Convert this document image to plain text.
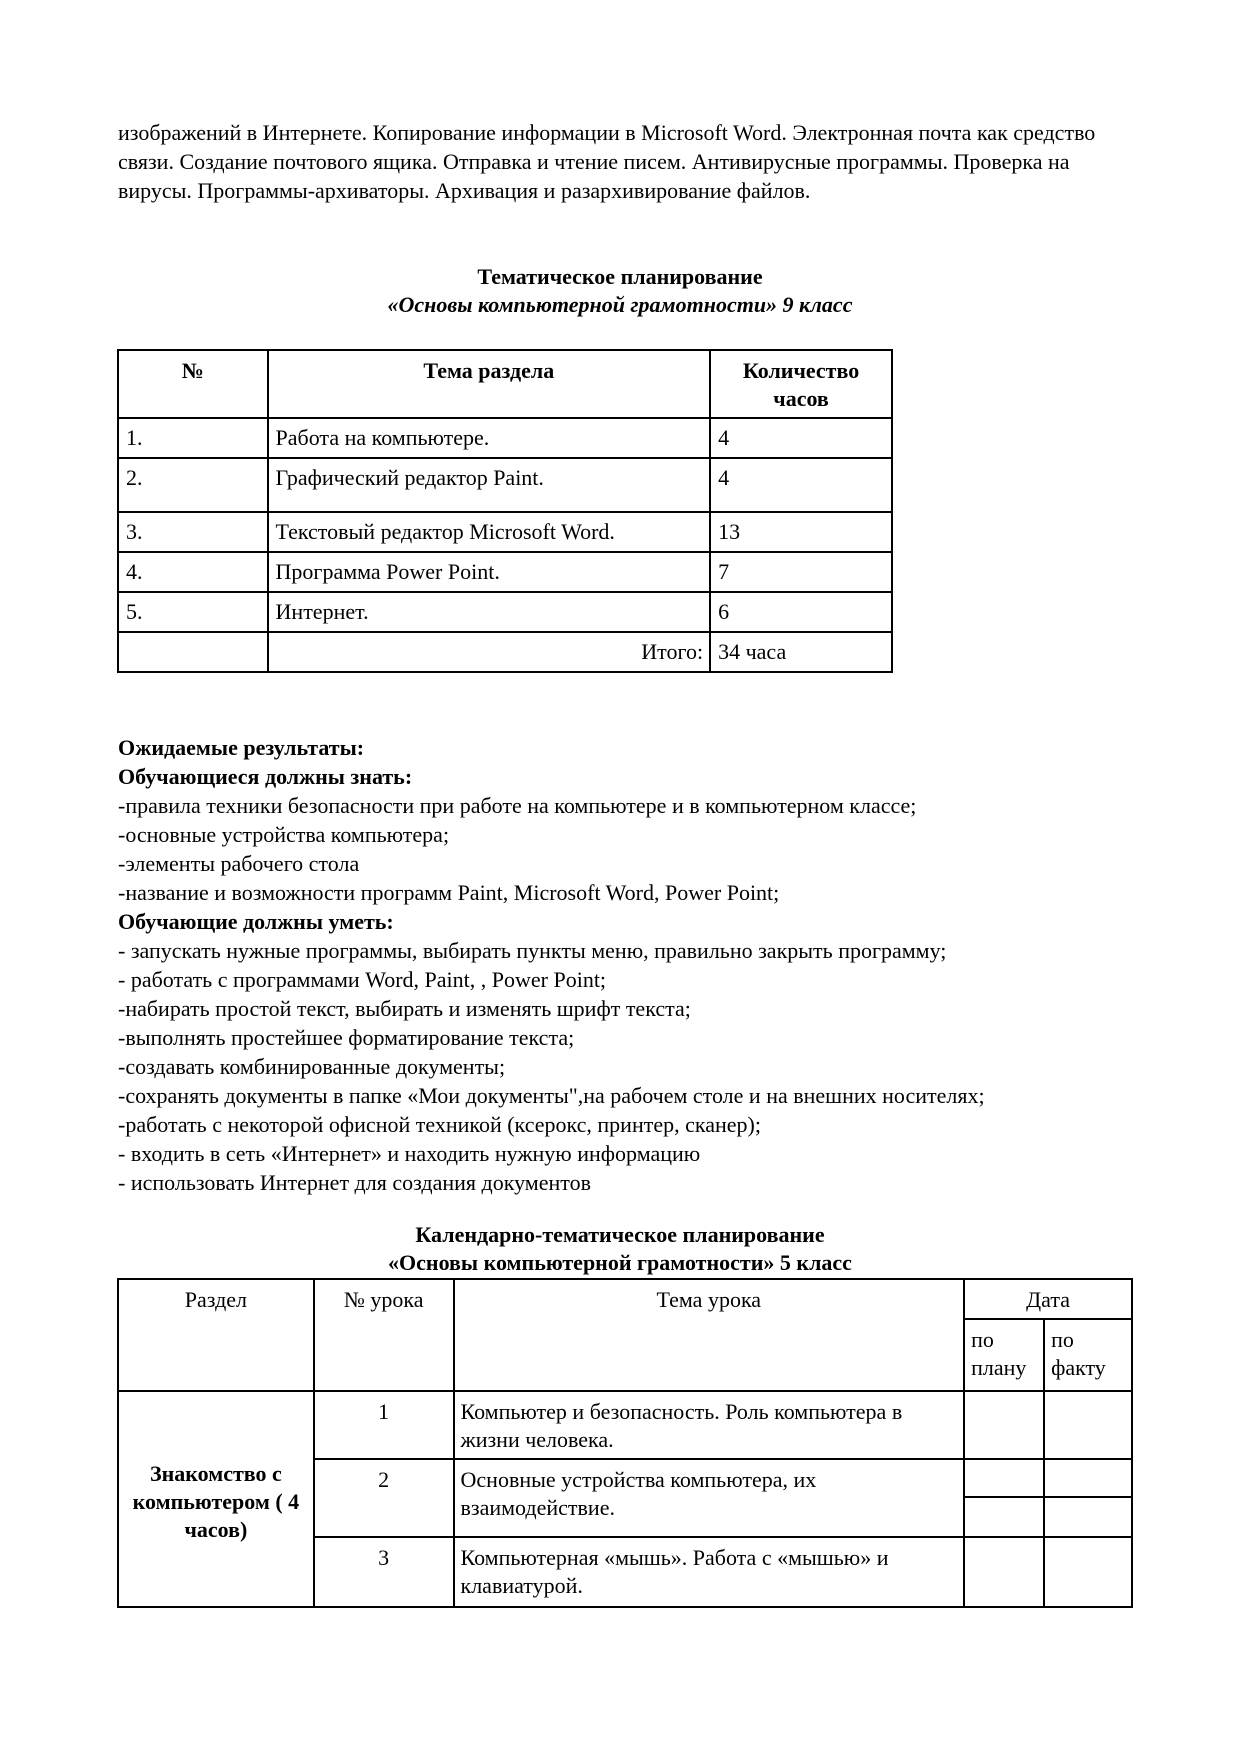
изображений в Интернете. Копирование информации в Microsoft Word. Электронная почта как средство связи. Создание почтового ящика. Отправка и чтение писем. Антивирусные программы. Проверка на вирусы. Программы-архиваторы. Архивация и разархивирование файлов.

Тематическое планирование
«Основы компьютерной грамотности» 9 класс
№	Тема раздела	Количество часов
1.	Работа на компьютере.	4
2.	Графический редактор Paint.	4
3.	Текстовый редактор Microsoft Word.	13
4.	Программа Power Point.	7
5.	Интернет.	6
	Итого:	34 часа

Ожидаемые результаты:

Обучающиеся должны знать:

-правила техники безопасности при работе на компьютере и в компьютерном классе;

-основные устройства компьютера;

-элементы рабочего стола

-название и возможности программ Paint, Microsoft Word, Power Point;

Обучающие должны уметь:

- запускать нужные программы, выбирать пункты меню, правильно закрыть программу;

- работать с программами Word, Paint, , Power Point;

-набирать простой текст, выбирать и изменять шрифт текста;

-выполнять простейшее форматирование текста;

-создавать комбинированные документы;

-сохранять документы в папке «Мои документы",на рабочем столе и на внешних носителях;

-работать с некоторой офисной техникой (ксерокс, принтер, сканер);

- входить в сеть «Интернет» и находить нужную информацию

- использовать Интернет для создания документов

Календарно-тематическое планирование
«Основы компьютерной грамотности» 5 класс
Раздел	№ урока	Тема урока	Дата	
			по плану	по факту
Знакомство с компьютером ( 4 часов)	1	Компьютер и безопасность. Роль компьютера в жизни человека.		
	2	Основные устройства компьютера, их взаимодействие.		

	3	Компьютерная «мышь». Работа с «мышью» и клавиатурой.		
